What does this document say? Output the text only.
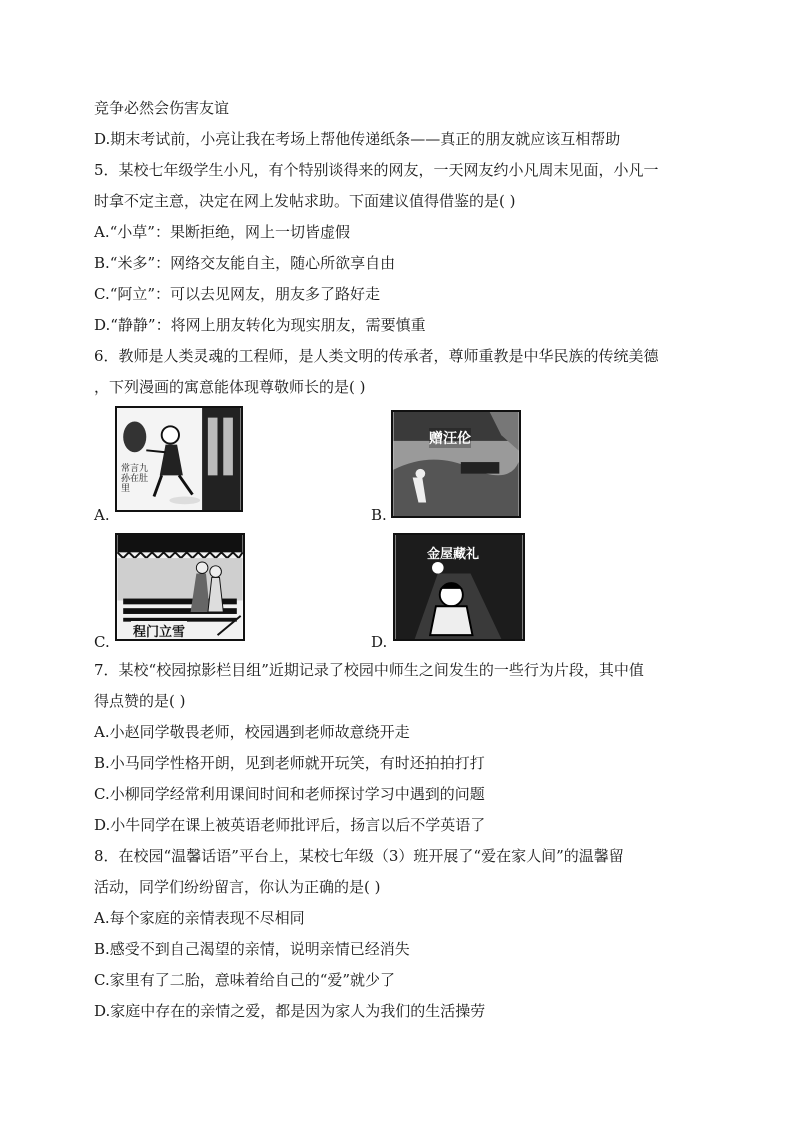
竞争必然会伤害友谊
D.期末考试前，小亮让我在考场上帮他传递纸条——真正的朋友就应该互相帮助
5．某校七年级学生小凡，有个特别谈得来的网友，一天网友约小凡周末见面，小凡一
时拿不定主意，决定在网上发帖求助。下面建议值得借鉴的是( )
A.“小草”：果断拒绝，网上一切皆虚假
B.“米多”：网络交友能自主，随心所欲享自由
C.“阿立”：可以去见网友，朋友多了路好走
D.“静静”：将网上朋友转化为现实朋友，需要慎重
6．教师是人类灵魂的工程师，是人类文明的传承者，尊师重教是中华民族的传统美德
，下列漫画的寓意能体现尊敬师长的是( )
A.
常言九孙在肚里
B.
赠汪伦
C.
程门立雪
D.
金屋藏礼
7．某校“校园掠影栏目组”近期记录了校园中师生之间发生的一些行为片段，其中值
得点赞的是( )
A.小赵同学敬畏老师，校园遇到老师故意绕开走
B.小马同学性格开朗，见到老师就开玩笑，有时还拍拍打打
C.小柳同学经常利用课间时间和老师探讨学习中遇到的问题
D.小牛同学在课上被英语老师批评后，扬言以后不学英语了
8．在校园“温馨话语”平台上，某校七年级（3）班开展了“爱在家人间”的温馨留
活动，同学们纷纷留言，你认为正确的是( )
A.每个家庭的亲情表现不尽相同
B.感受不到自己渴望的亲情，说明亲情已经消失
C.家里有了二胎，意味着给自己的“爱”就少了
D.家庭中存在的亲情之爱，都是因为家人为我们的生活操劳
